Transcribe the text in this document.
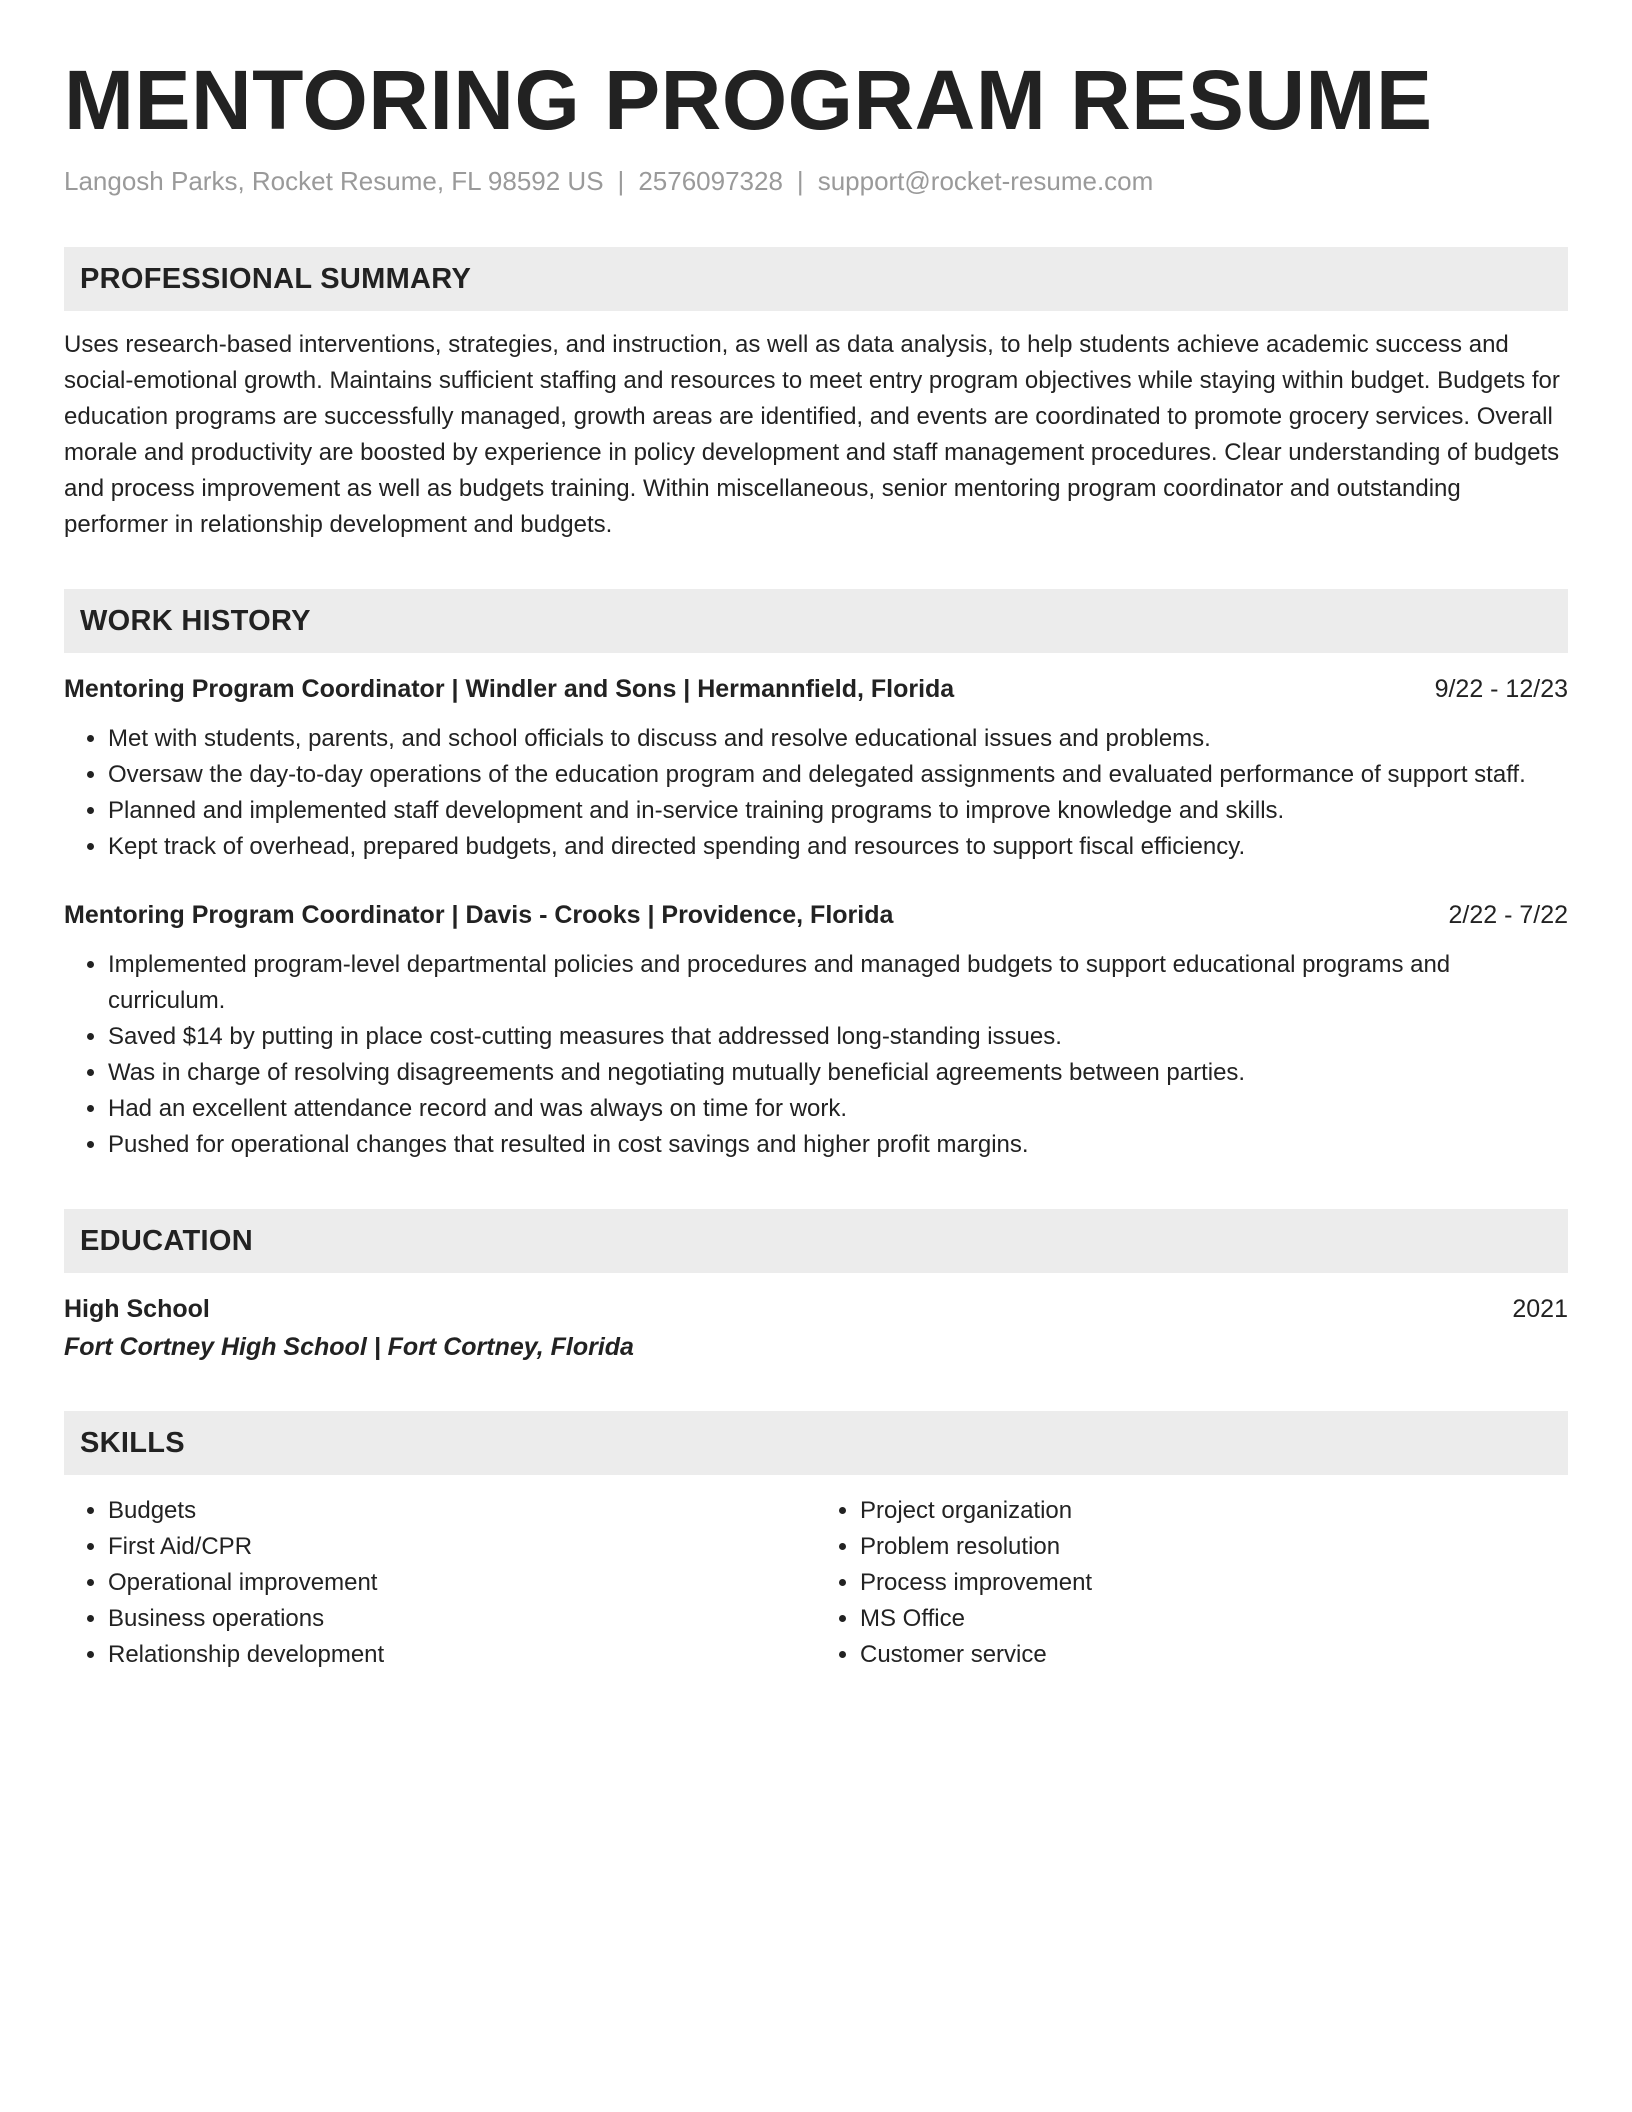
MENTORING PROGRAM RESUME
Langosh Parks, Rocket Resume, FL 98592 US | 2576097328 | support@rocket-resume.com
PROFESSIONAL SUMMARY

Uses research-based interventions, strategies, and instruction, as well as data analysis, to help students achieve academic success and social-emotional growth. Maintains sufficient staffing and resources to meet entry program objectives while staying within budget. Budgets for education programs are successfully managed, growth areas are identified, and events are coordinated to promote grocery services. Overall morale and productivity are boosted by experience in policy development and staff management procedures. Clear understanding of budgets and process improvement as well as budgets training. Within miscellaneous, senior mentoring program coordinator and outstanding performer in relationship development and budgets.

WORK HISTORY
Mentoring Program Coordinator | Windler and Sons | Hermannfield, Florida	9/22 - 12/23
• Met with students, parents, and school officials to discuss and resolve educational issues and problems.
• Oversaw the day-to-day operations of the education program and delegated assignments and evaluated performance of support staff.
• Planned and implemented staff development and in-service training programs to improve knowledge and skills.
• Kept track of overhead, prepared budgets, and directed spending and resources to support fiscal efficiency.
Mentoring Program Coordinator | Davis - Crooks | Providence, Florida	2/22 - 7/22
• Implemented program-level departmental policies and procedures and managed budgets to support educational programs and curriculum.
• Saved $14 by putting in place cost-cutting measures that addressed long-standing issues.
• Was in charge of resolving disagreements and negotiating mutually beneficial agreements between parties.
• Had an excellent attendance record and was always on time for work.
• Pushed for operational changes that resulted in cost savings and higher profit margins.
EDUCATION
High School	2021
Fort Cortney High School | Fort Cortney, Florida
SKILLS
• Budgets
• First Aid/CPR
• Operational improvement
• Business operations
• Relationship development
• Project organization
• Problem resolution
• Process improvement
• MS Office
• Customer service
